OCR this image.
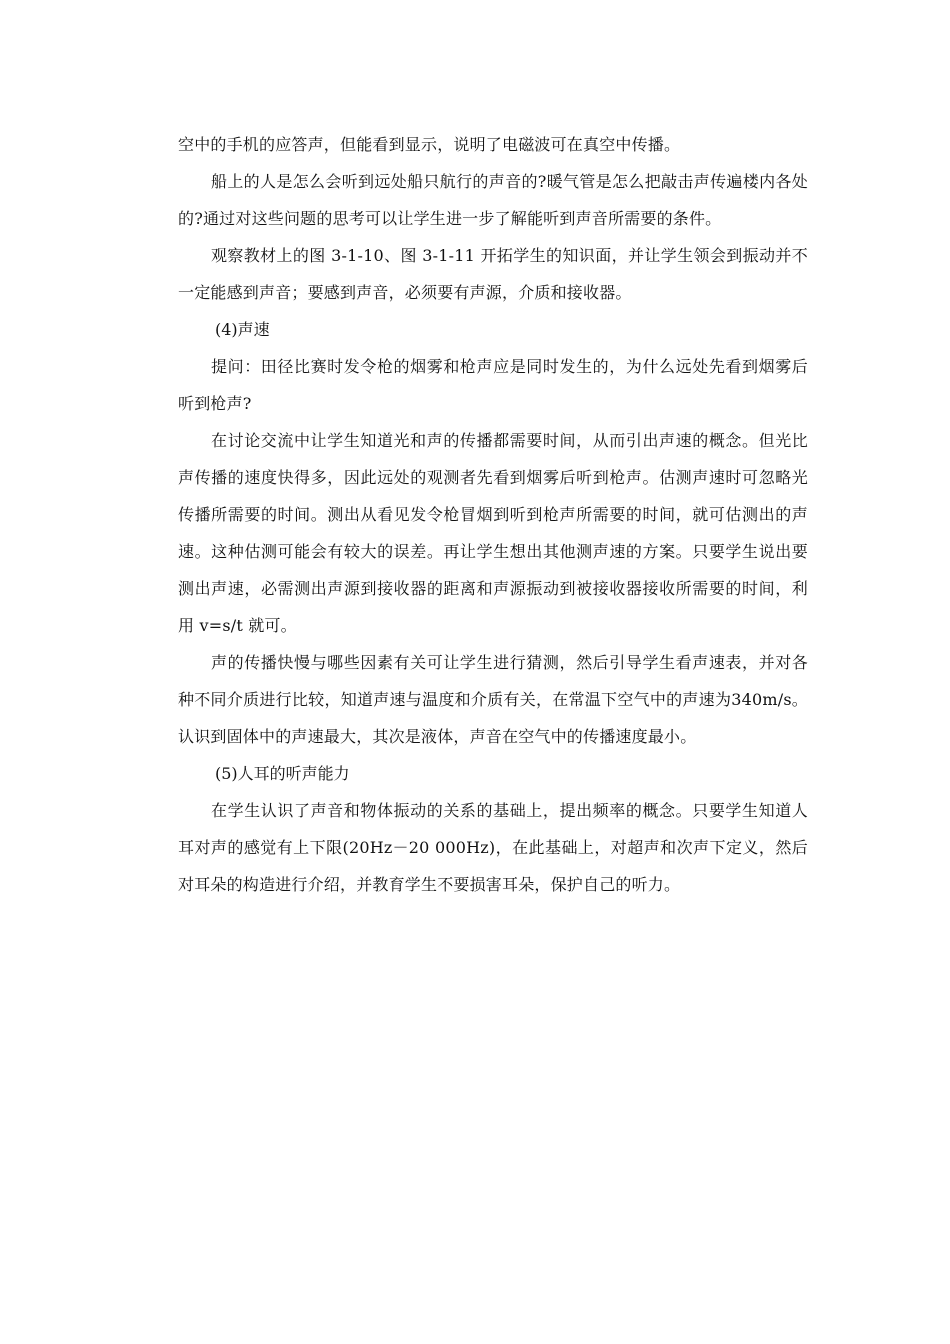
空中的手机的应答声，但能看到显示，说明了电磁波可在真空中传播。

船上的人是怎么会听到远处船只航行的声音的?暖气管是怎么把敲击声传遍楼内各处的?通过对这些问题的思考可以让学生进一步了解能听到声音所需要的条件。

观察教材上的图 3-1-10、图 3-1-11 开拓学生的知识面，并让学生领会到振动并不一定能感到声音；要感到声音，必须要有声源，介质和接收器。

(4)声速

提问：田径比赛时发令枪的烟雾和枪声应是同时发生的，为什么远处先看到烟雾后听到枪声?

在讨论交流中让学生知道光和声的传播都需要时间，从而引出声速的概念。但光比声传播的速度快得多，因此远处的观测者先看到烟雾后听到枪声。估测声速时可忽略光传播所需要的时间。测出从看见发令枪冒烟到听到枪声所需要的时间，就可估测出的声速。这种估测可能会有较大的误差。再让学生想出其他测声速的方案。只要学生说出要测出声速，必需测出声源到接收器的距离和声源振动到被接收器接收所需要的时间，利用 v=s/t 就可。

声的传播快慢与哪些因素有关可让学生进行猜测，然后引导学生看声速表，并对各种不同介质进行比较，知道声速与温度和介质有关，在常温下空气中的声速为340m/s。认识到固体中的声速最大，其次是液体，声音在空气中的传播速度最小。

(5)人耳的听声能力

在学生认识了声音和物体振动的关系的基础上，提出频率的概念。只要学生知道人耳对声的感觉有上下限(20Hz－20 000Hz)，在此基础上，对超声和次声下定义，然后对耳朵的构造进行介绍，并教育学生不要损害耳朵，保护自己的听力。
